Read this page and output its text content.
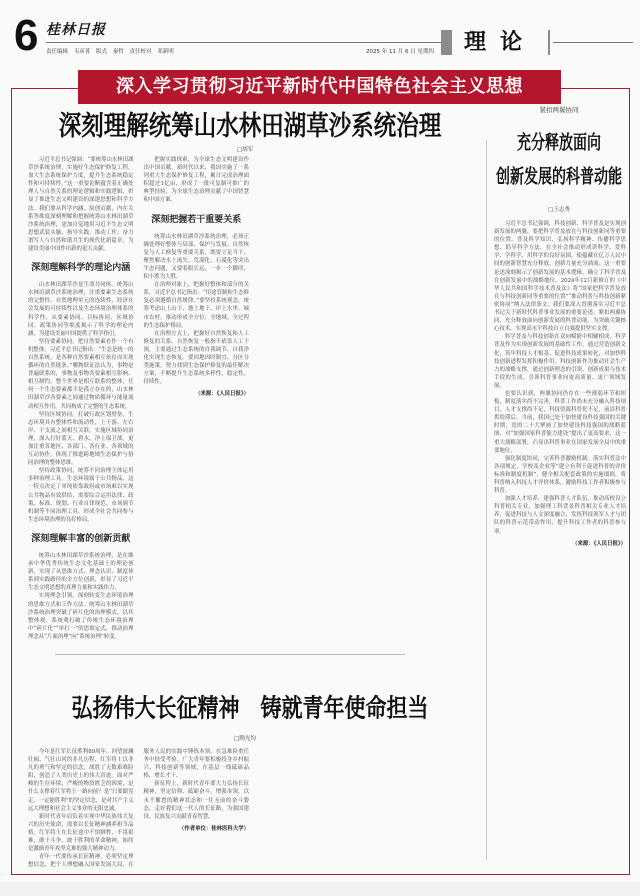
6 桂林日报
责任编辑 韦彦菁 版式 秦哲 责任校对 邓新明	2025 年 11 月 6 日 星期四 理论
深入学习贯彻习近平新时代中国特色社会主义思想
深刻理解统筹山水林田湖草沙系统治理
□胡军

习近平总书记强调：“要统筹山水林田湖草沙系统治理，实施好生态保护修复工程，加大生态系统保护力度，提升生态系统稳定性和可持续性。”这一重要论断蕴含着正确处理人与自然关系的理论逻辑和实践逻辑，彰显了推进生态文明建设的深邃思想和科学方法。我们要从科学内涵、原创贡献、内在关系等维度深刻理解和把握统筹山水林田湖草沙系统治理，更加自觉地用习近平生态文明思想武装头脑、指导实践、推动工作，奋力谱写人与自然和谐共生的现代化新篇章，为建设美丽中国作出新的更大贡献。

深刻理解科学的理论内涵

山水林田湖草沙是生命共同体。统筹山水林田湖草沙系统治理，注重要素生态系统的完整性、自然地理单元的连续性、经济社会发展的可持续性以及生态环境治理体系的科学性，从要素协同、目标协同、区域协同、政策协同等维度揭示了科学的理论内涵，为建设美丽中国提供了科学指引。

坚持要素协同，把自然要素看作一个有机整体。习近平总书记指出：“生态是统一的自然系统，是各种自然要素相互依存而实现循环的自然链条。”哪物联证法认为，事物是普遍联系的，事物及事物各要素相互影响、相互制约。整个世界是相互联系的整体，任何一个生态要素都不是孤立存在的，山水林田湖草沙各要素之间通过物质循环与能量流动相互作用，共同构成了完整的生态系统。

坚持区域协同，打破行政区划壁垒。生态环境具有整体性和流动性，上下游、左右岸、干支流之间相互关联。实施区域协同治理，深入打好蓝天、碧水、净土保卫战，更加注重各地区、各部门、各行业、各领域的互动协作，体现了推进跨地域生态保护与协同治理的整体思维。

坚持政策协同，统筹不同治理主体运用多种治理工具。生态环境属于公共物品，这一特点决定了单纯依靠政府或市场难以实现公共物品有效供给，需要综合运用法律、政策、标准、规划、行业自律规范、市场调节机制等不同治理工具，形成全社会共同参与生态环境治理的良好格局。

深刻理解丰富的创新贡献

统筹山水林田湖草沙系统治理，是在继承中华优秀传统生态文化基础上的理论创新，实现了从思维方式、理念认识、制度体系到实践路径的全方位创新，彰显了习近平生态文明思想的真理力量和实践伟力。

实现理念引领，深刻转变生态环境治理的思维方式和工作方法。统筹山水林田湖草沙系统治理突破了碎片化的治理模式，以其整体观、系统观打破了传统生态环境治理中“碎片化”“单打一”的思维定式，推动治理理念从“片面治理”向“系统治理”转变。

把握实践探索，为全球生态文明建设作出中国贡献。新时代以来，我国实施了一系列重大生态保护修复工程，累计完成治理面积超过1亿亩，形成了一批可复制可推广的典型经验，为全球生态治理贡献了中国智慧和中国方案。

深刻把握若干重要关系

统筹山水林田湖草沙系统治理，必须正确处理好整体与局部、保护与发展、自然恢复与人工修复等重要关系，既要立足当下，聚焦解决水土流失、荒漠化、石漠化等突出生态问题，又要着眼长远，一步一个脚印，积小胜为大胜。

在治理对象上，把握好整体和部分的关系。习近平总书记指出：“用途管制和生态修复必须遵循自然规律。”要坚持系统观念，统筹考虑山上山下、地上地下、岸上水里、城市农村，推动形成全方位、全地域、全过程的生态保护格局。

在治理方式上，把握好自然恢复和人工修复的关系。自然恢复一般指不依靠人工干预，主要通过生态系统的自我调节、自我净化实现生态恢复。要因地因时制宜、分区分类施策，努力找到生态保护修复的最佳解决方案，不断提升生态系统多样性、稳定性、持续性。

（来源：《人民日报》）

紧扣两翼协同
充分释放面向
创新发展的科普动能
□王志秀

习近平总书记强调，科技创新、科学普及是实现创新发展的两翼，要把科学普及放在与科技创新同等重要的位置。普及科学知识、弘扬科学精神、传播科学思想、倡导科学方法，在全社会推动形成讲科学、爱科学、学科学、用科学的良好氛围，使蕴藏在亿万人民中间的创新智慧充分释放、创新力量充分涌流。这一重要论述深刻揭示了创新发展的基本逻辑，确立了科学普及在创新发展中的战略地位。2024年12月新修订的《中华人民共和国科学技术普及法》将“国家把科学普及放在与科技创新同等重要的位置”“推动科普与科技创新紧密协同”纳入法律条文。我们要深入贯彻落实习近平总书记关于新时代科普事业发展的重要论述，紧扣两翼协同，充分释放面向创新发展的科普动能，为突破关键核心技术、实现高水平科技自立自强提供坚实支撑。

科学普及与科技创新在双向赋能中相辅相成。科学普及作为实现创新发展的基础性工作，通过营造创新文化、筑牢科技人才根基、促进科技成果转化，对加快科技创新进程发挥积极作用。科技创新作为推动社会生产力的战略支撑，通过创新理念的引领、创新成果与技术手段的生成，引领科普事业向更高质量、更广领域发展。

也要认识到，两翼协同仍存在一些薄弱环节和短板，制度落实尚不完善，科普工作尚未充分融入科技项目，人才支撑尚不足，科技资源科普化不足，前沿科普供给滞后。当前，我国已处于加快建设科技强国的关键时期，党的二十大擘画了加快建设科技强国的战略蓝图，对“加强国家科普能力建设”提出了更高要求，这一重大战略部署，凸显出科普事业在国家发展全局中的重要地位。

强化制度协同，完善科普激励机制。落实科普法中各项规定，学校及企业等“建立有利于促进科普的评价标准和制度机制”，健全相关配套政策的实施细则，将科普纳入科技人才评价体系，激励科技工作者积极参与科普。

加强人才培养，建强科普人才队伍。推动高校设立科普相关专业，加强理工科背景科普相关专业人才培养，促进科技与人文深度融合，发挥科技领军人才与团队的科普示范带动作用，提升科技工作者的科普参与率。

（来源：《人民日报》）

弘扬伟大长征精神　铸就青年使命担当
□陶光均

今年是红军长征胜利89周年。回望波澜壮阔、气壮山河的非凡历程，红军将士以非凡的勇气和坚定的信念，战胜了无数艰难险阻，创造了人类历史上的伟大奇迹。面对严峻的生存环境、严峻的物资匮乏的困境，是什么支撑着红军将士一路向前？是“只要跟党走，一定能胜利”的坚定信念，是对共产主义远大理想和社会主义事业的无限忠诚。

新时代青年肩负着实现中华民族伟大复兴的历史使命，需要以长征精神涵养担当品格。红军将士在长征途中不怕牺牲、不畏艰难，敢于斗争、敢于胜利的革命精神，始终是激励青年攻坚克难的强大精神动力。

青年一代要传承长征精神，必须坚定理想信念，把个人理想融入国家发展大局，在服务人民的实践中锤炼本领，在急难险重任务中经受考验。广大青年要积极投身乡村振兴、科技创新等领域，在基层一线砥砺品格、增长才干。

新征程上，新时代青年要大力弘扬长征精神，坚定信仰、砥砺奋斗，增强本领，以永不懈怠的精神状态和一往无前的奋斗姿态，走好我们这一代人的长征路，为强国建设、民族复兴贡献青春智慧。

（作者单位：桂林医科大学）
